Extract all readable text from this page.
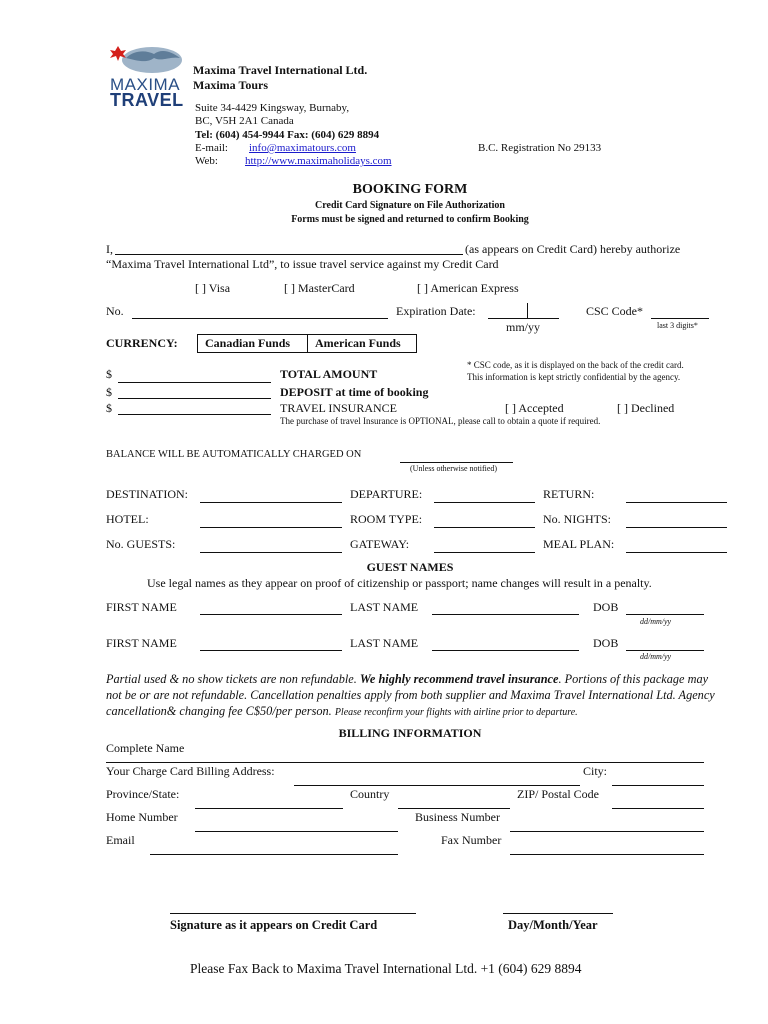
MAXIMA
TRAVEL
Maxima Travel International Ltd.
Maxima Tours
Suite 34-4429 Kingsway, Burnaby,
BC, V5H 2A1 Canada
Tel: (604) 454-9944 Fax: (604) 629 8894
E-mail: info@maximatours.com
Web: http://www.maximaholidays.com
B.C. Registration No 29133
BOOKING FORM
Credit Card Signature on File Authorization
Forms must be signed and returned to confirm Booking
I,	(as appears on Credit Card) hereby authorize
“Maxima Travel International Ltd”, to issue travel service against my Credit Card
[ ] Visa	[ ] MasterCard	[ ] American Express
No.	Expiration Date:
mm/yy
CSC Code*
last 3 digits*
CURRENCY:	Canadian Funds	American Funds
* CSC code, as it is displayed on the back of the credit card.
This information is kept strictly confidential by the agency.
$	TOTAL AMOUNT
$	DEPOSIT at time of booking
$	TRAVEL INSURANCE	[ ] Accepted	[ ] Declined
The purchase of travel Insurance is OPTIONAL, please call to obtain a quote if required.
BALANCE WILL BE AUTOMATICALLY CHARGED ON
(Unless otherwise notified)
DESTINATION:	DEPARTURE:	RETURN:
HOTEL:	ROOM TYPE:	No. NIGHTS:
No. GUESTS:	GATEWAY:	MEAL PLAN:
GUEST NAMES
Use legal names as they appear on proof of citizenship or passport; name changes will result in a penalty.
FIRST NAME	LAST NAME	DOB
dd/mm/yy
FIRST NAME	LAST NAME	DOB
dd/mm/yy
Partial used & no show tickets are non refundable. We highly recommend travel insurance. Portions of this package may not be or are not refundable. Cancellation penalties apply from both supplier and Maxima Travel International Ltd. Agency cancellation& changing fee C$50/per person. Please reconfirm your flights with airline prior to departure.
BILLING INFORMATION
Complete Name
Your Charge Card Billing Address:	City:
Province/State:	Country	ZIP/ Postal Code
Home Number	Business Number
Email	Fax Number
Signature as it appears on Credit Card	Day/Month/Year
Please Fax Back to Maxima Travel International Ltd. +1 (604) 629 8894
